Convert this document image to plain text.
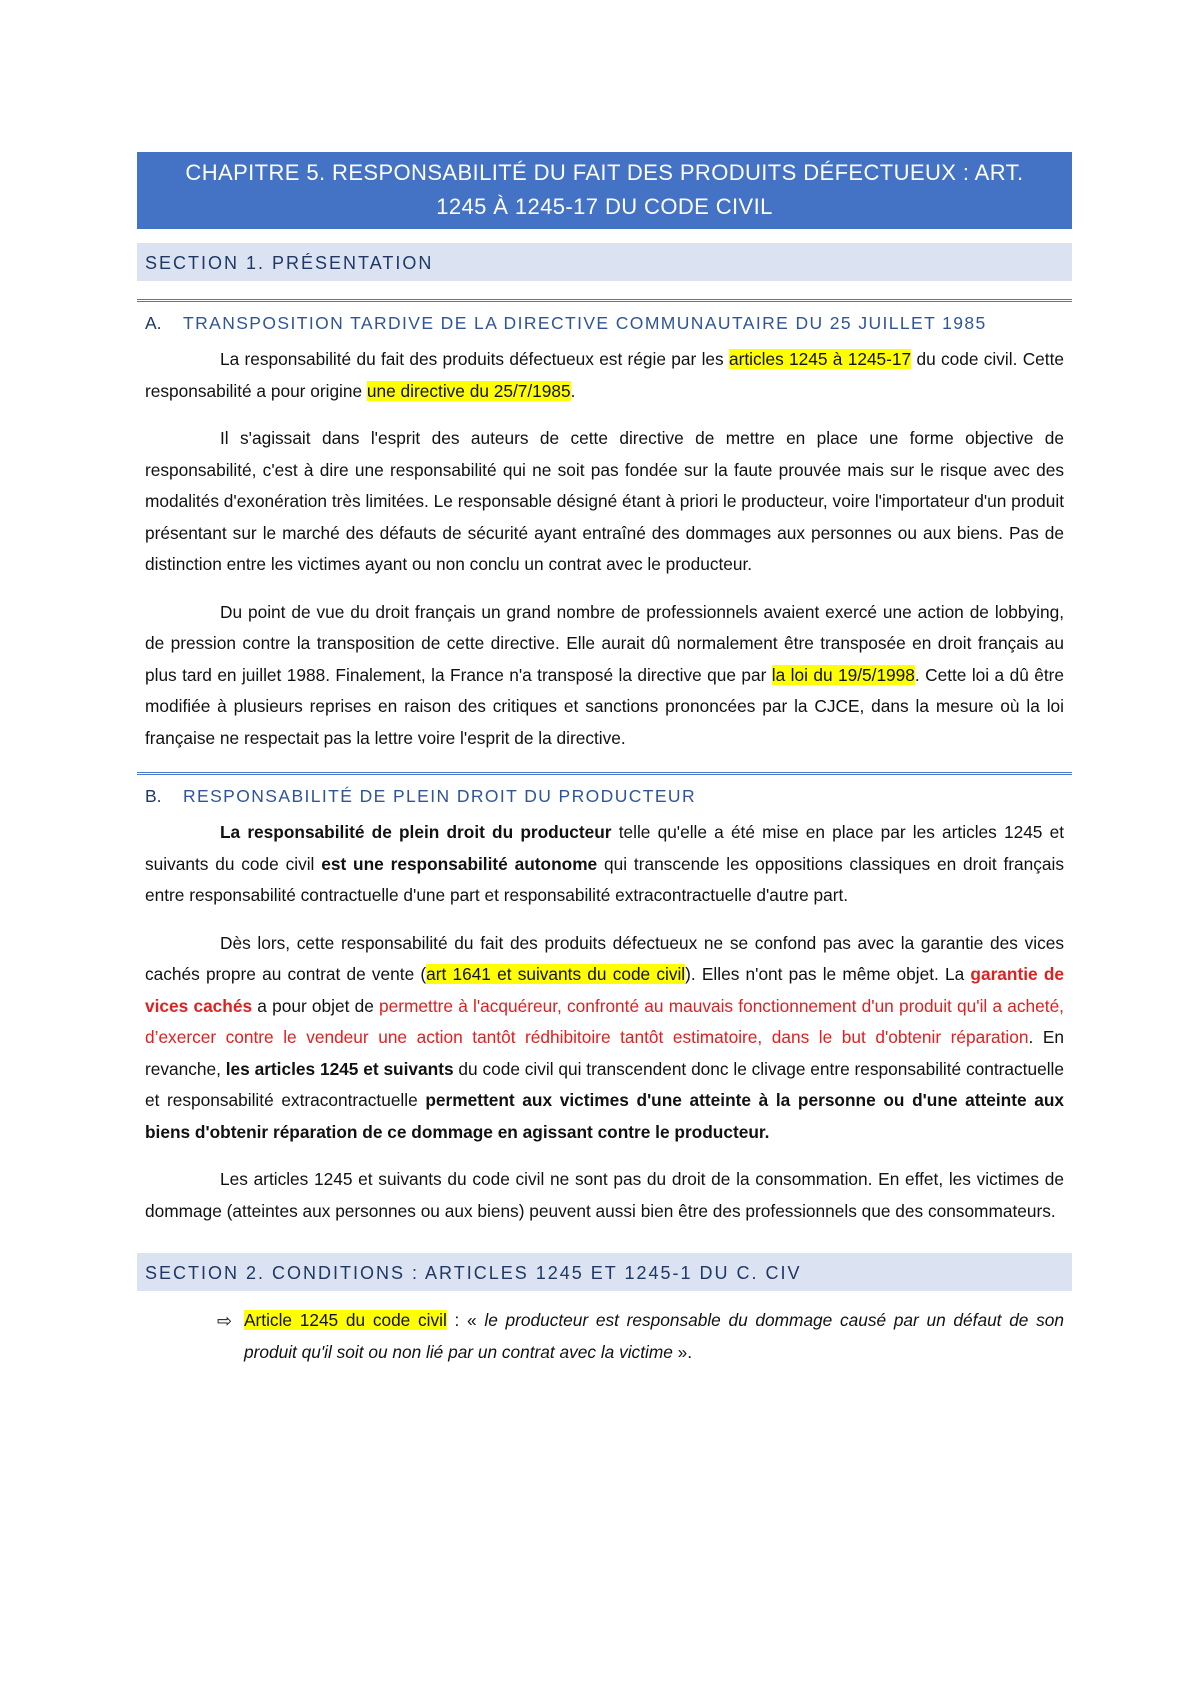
CHAPITRE 5. RESPONSABILITÉ DU FAIT DES PRODUITS DÉFECTUEUX : ART. 1245 À 1245-17 DU CODE CIVIL
SECTION 1. PRÉSENTATION
A. TRANSPOSITION TARDIVE DE LA DIRECTIVE COMMUNAUTAIRE DU 25 JUILLET 1985

La responsabilité du fait des produits défectueux est régie par les articles 1245 à 1245-17 du code civil. Cette responsabilité a pour origine une directive du 25/7/1985.

Il s'agissait dans l'esprit des auteurs de cette directive de mettre en place une forme objective de responsabilité, c'est à dire une responsabilité qui ne soit pas fondée sur la faute prouvée mais sur le risque avec des modalités d'exonération très limitées. Le responsable désigné étant à priori le producteur, voire l'importateur d'un produit présentant sur le marché des défauts de sécurité ayant entraîné des dommages aux personnes ou aux biens. Pas de distinction entre les victimes ayant ou non conclu un contrat avec le producteur.

Du point de vue du droit français un grand nombre de professionnels avaient exercé une action de lobbying, de pression contre la transposition de cette directive. Elle aurait dû normalement être transposée en droit français au plus tard en juillet 1988. Finalement, la France n'a transposé la directive que par la loi du 19/5/1998. Cette loi a dû être modifiée à plusieurs reprises en raison des critiques et sanctions prononcées par la CJCE, dans la mesure où la loi française ne respectait pas la lettre voire l'esprit de la directive.

B. RESPONSABILITÉ DE PLEIN DROIT DU PRODUCTEUR

La responsabilité de plein droit du producteur telle qu'elle a été mise en place par les articles 1245 et suivants du code civil est une responsabilité autonome qui transcende les oppositions classiques en droit français entre responsabilité contractuelle d'une part et responsabilité extracontractuelle d'autre part.

Dès lors, cette responsabilité du fait des produits défectueux ne se confond pas avec la garantie des vices cachés propre au contrat de vente (art 1641 et suivants du code civil). Elles n'ont pas le même objet. La garantie de vices cachés a pour objet de permettre à l'acquéreur, confronté au mauvais fonctionnement d'un produit qu'il a acheté, d’exercer contre le vendeur une action tantôt rédhibitoire tantôt estimatoire, dans le but d'obtenir réparation. En revanche, les articles 1245 et suivants du code civil qui transcendent donc le clivage entre responsabilité contractuelle et responsabilité extracontractuelle permettent aux victimes d'une atteinte à la personne ou d'une atteinte aux biens d'obtenir réparation de ce dommage en agissant contre le producteur.

Les articles 1245 et suivants du code civil ne sont pas du droit de la consommation. En effet, les victimes de dommage (atteintes aux personnes ou aux biens) peuvent aussi bien être des professionnels que des consommateurs.

SECTION 2. CONDITIONS : ARTICLES 1245 ET 1245-1 DU C. CIV
⇨ Article 1245 du code civil : « le producteur est responsable du dommage causé par un défaut de son produit qu'il soit ou non lié par un contrat avec la victime ».
